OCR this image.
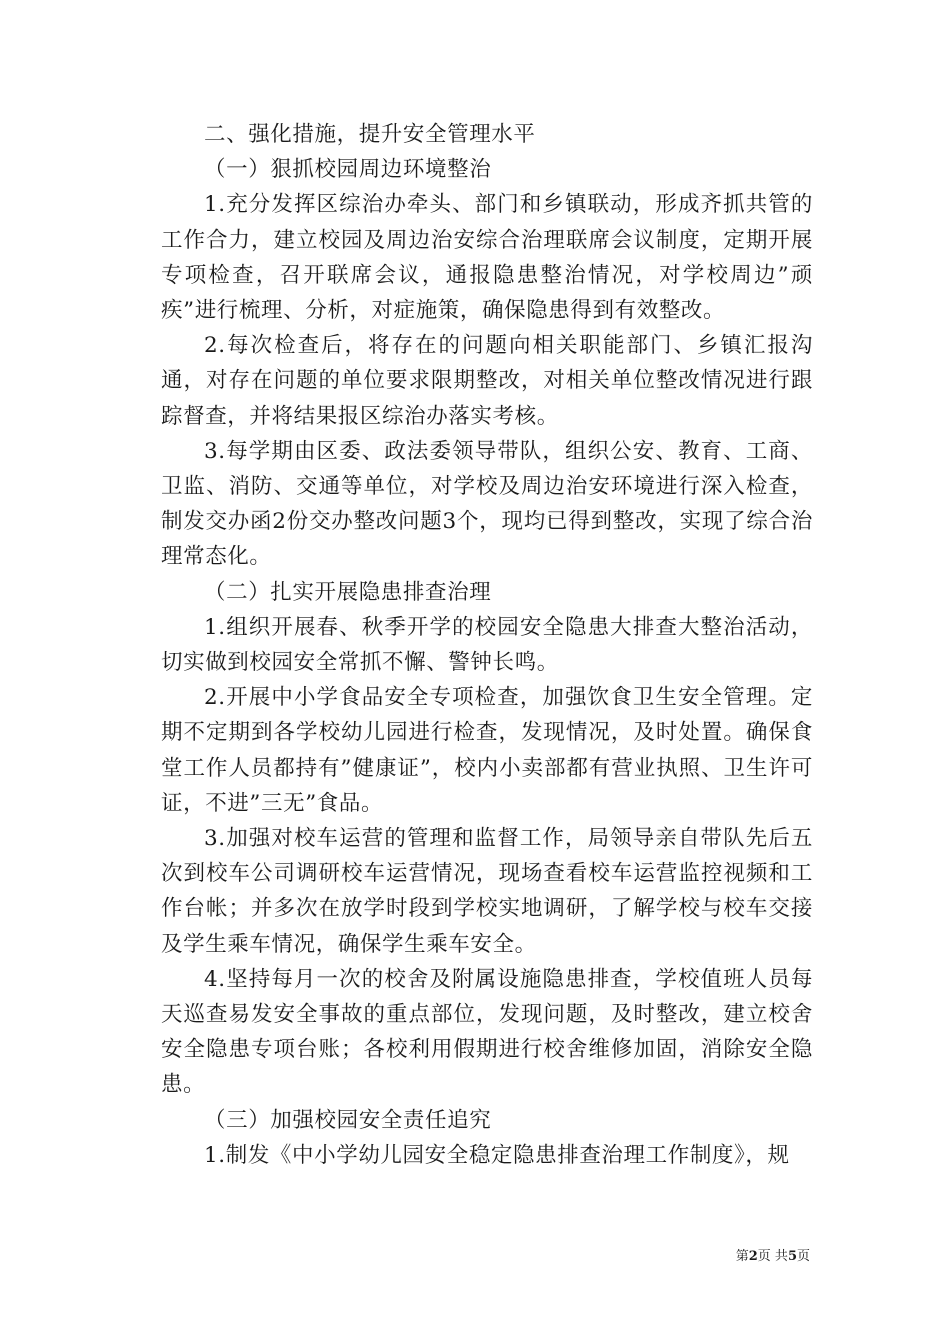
二、强化措施，提升安全管理水平

（一）狠抓校园周边环境整治

1.充分发挥区综治办牵头、部门和乡镇联动，形成齐抓共管的工作合力，建立校园及周边治安综合治理联席会议制度，定期开展专项检查，召开联席会议，通报隐患整治情况，对学校周边”顽疾”进行梳理、分析，对症施策，确保隐患得到有效整改。

2.每次检查后，将存在的问题向相关职能部门、乡镇汇报沟通，对存在问题的单位要求限期整改，对相关单位整改情况进行跟踪督查，并将结果报区综治办落实考核。

3.每学期由区委、政法委领导带队，组织公安、教育、工商、卫监、消防、交通等单位，对学校及周边治安环境进行深入检查，制发交办函2份交办整改问题3个，现均已得到整改，实现了综合治理常态化。

（二）扎实开展隐患排查治理

1.组织开展春、秋季开学的校园安全隐患大排查大整治活动，切实做到校园安全常抓不懈、警钟长鸣。

2.开展中小学食品安全专项检查，加强饮食卫生安全管理。定期不定期到各学校幼儿园进行检查，发现情况，及时处置。确保食堂工作人员都持有”健康证”，校内小卖部都有营业执照、卫生许可证，不进”三无”食品。

3.加强对校车运营的管理和监督工作，局领导亲自带队先后五次到校车公司调研校车运营情况，现场查看校车运营监控视频和工作台帐；并多次在放学时段到学校实地调研，了解学校与校车交接及学生乘车情况，确保学生乘车安全。

4.坚持每月一次的校舍及附属设施隐患排查，学校值班人员每天巡查易发安全事故的重点部位，发现问题，及时整改，建立校舍安全隐患专项台账；各校利用假期进行校舍维修加固，消除安全隐患。

（三）加强校园安全责任追究

1.制发《中小学幼儿园安全稳定隐患排查治理工作制度》，规

第2页 共5页
